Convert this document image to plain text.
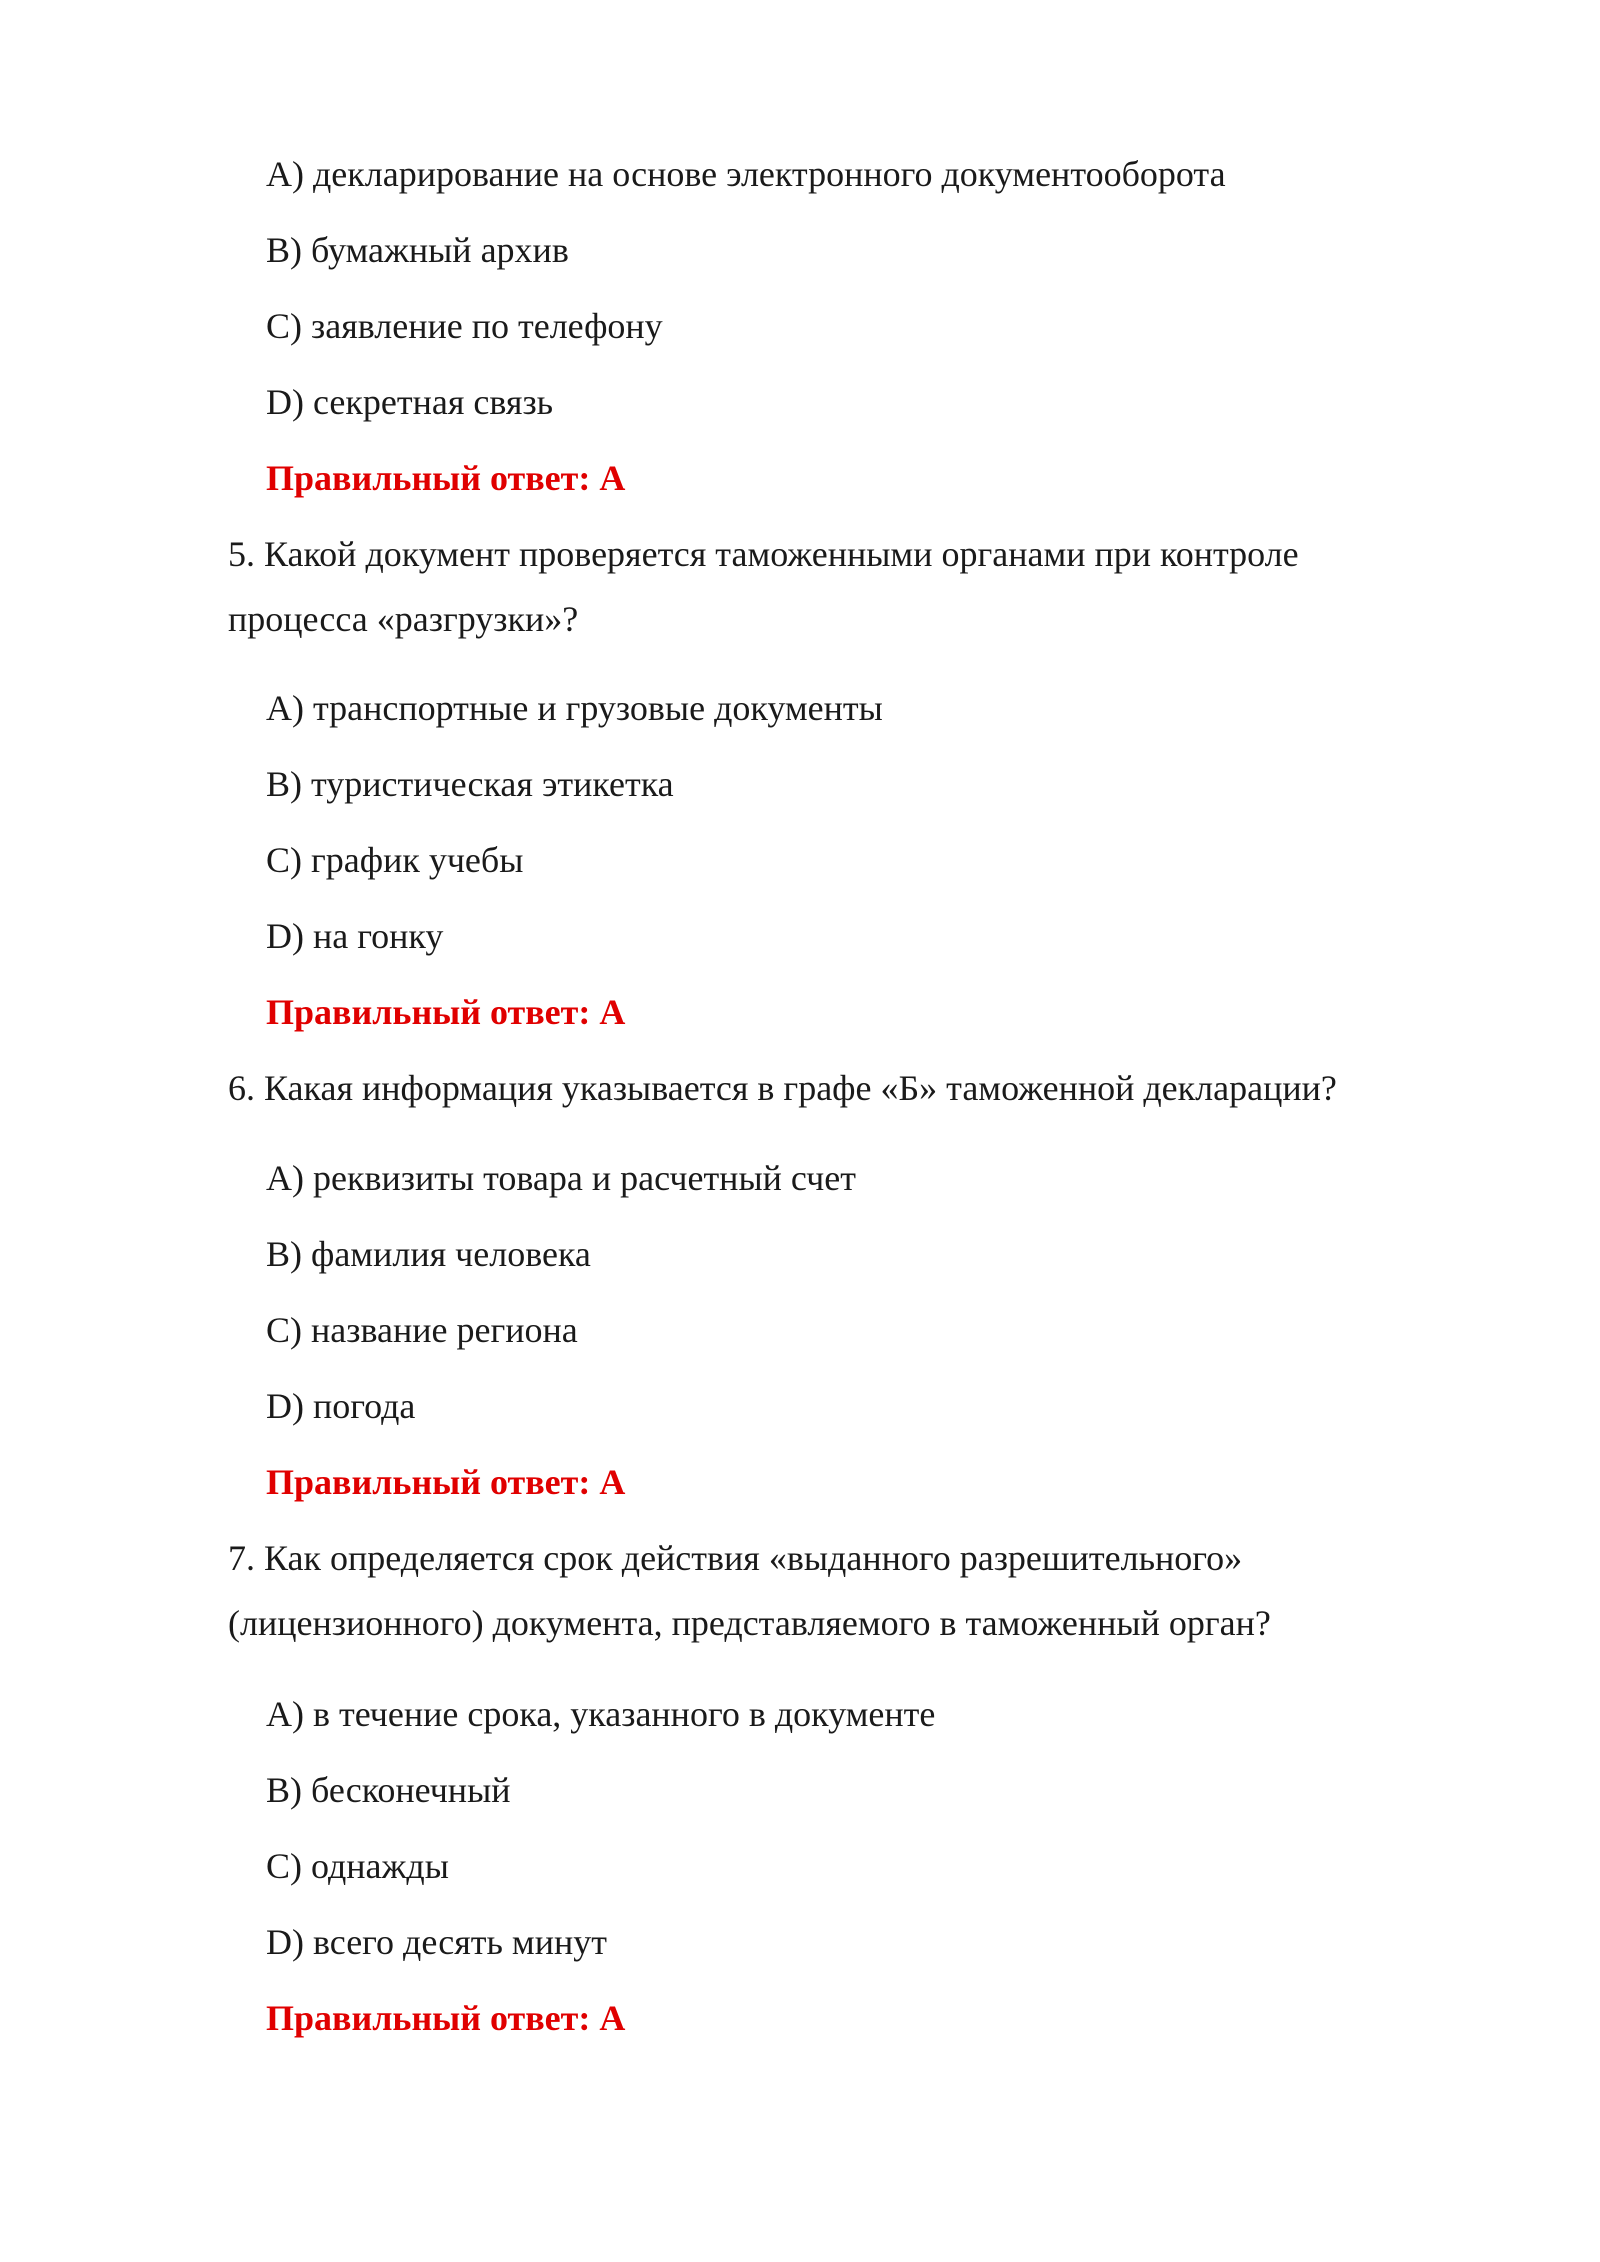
A) декларирование на основе электронного документооборота
B) бумажный архив
C) заявление по телефону
D) секретная связь
Правильный ответ: A
5. Какой документ проверяется таможенными органами при контроле
процесса «разгрузки»?
A) транспортные и грузовые документы
B) туристическая этикетка
C) график учебы
D) на гонку
Правильный ответ: A
6. Какая информация указывается в графе «Б» таможенной декларации?
A) реквизиты товара и расчетный счет
B) фамилия человека
C) название региона
D) погода
Правильный ответ: A
7. Как определяется срок действия «выданного разрешительного»
(лицензионного) документа, представляемого в таможенный орган?
A) в течение срока, указанного в документе
B) бесконечный
C) однажды
D) всего десять минут
Правильный ответ: A
